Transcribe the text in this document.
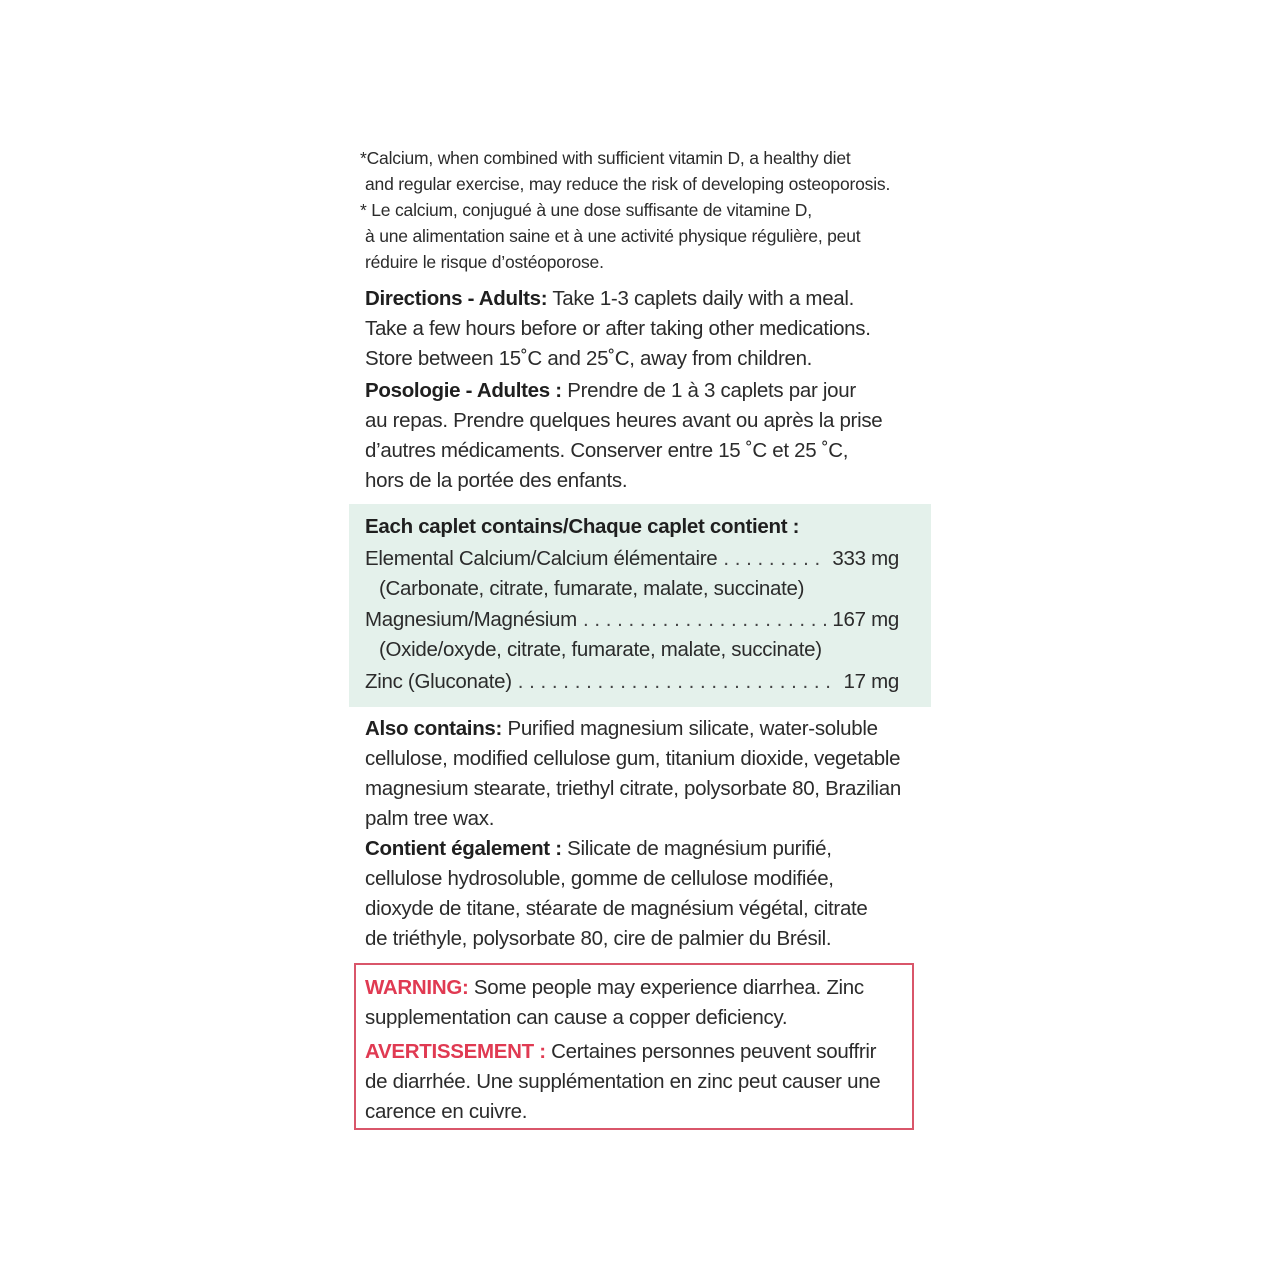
*Calcium, when combined with sufficient vitamin D, a healthy diet

and regular exercise, may reduce the risk of developing osteoporosis.

* Le calcium, conjugué à une dose suffisante de vitamine D,

à une alimentation saine et à une activité physique régulière, peut

réduire le risque d’ostéoporose.

Directions - Adults: Take 1-3 caplets daily with a meal.

Take a few hours before or after taking other medications.

Store between 15˚C and 25˚C, away from children.

Posologie - Adultes : Prendre de 1 à 3 caplets par jour

au repas. Prendre quelques heures avant ou après la prise

d’autres médicaments. Conserver entre 15 ˚C et 25 ˚C,

hors de la portée des enfants.

Each caplet contains/Chaque caplet contient :
Elemental Calcium/Calcium élémentaire . . .	333 mg
(Carbonate, citrate, fumarate, malate, succinate)
Magnesium/Magnésium . . .	167 mg
(Oxide/oxyde, citrate, fumarate, malate, succinate)
Zinc (Gluconate) . . .	17 mg

Also contains: Purified magnesium silicate, water-soluble

cellulose, modified cellulose gum, titanium dioxide, vegetable

magnesium stearate, triethyl citrate, polysorbate 80, Brazilian

palm tree wax.

Contient également : Silicate de magnésium purifié,

cellulose hydrosoluble, gomme de cellulose modifiée,

dioxyde de titane, stéarate de magnésium végétal, citrate

de triéthyle, polysorbate 80, cire de palmier du Brésil.

WARNING: Some people may experience diarrhea. Zinc

supplementation can cause a copper deficiency.

AVERTISSEMENT : Certaines personnes peuvent souffrir

de diarrhée. Une supplémentation en zinc peut causer une

carence en cuivre.
